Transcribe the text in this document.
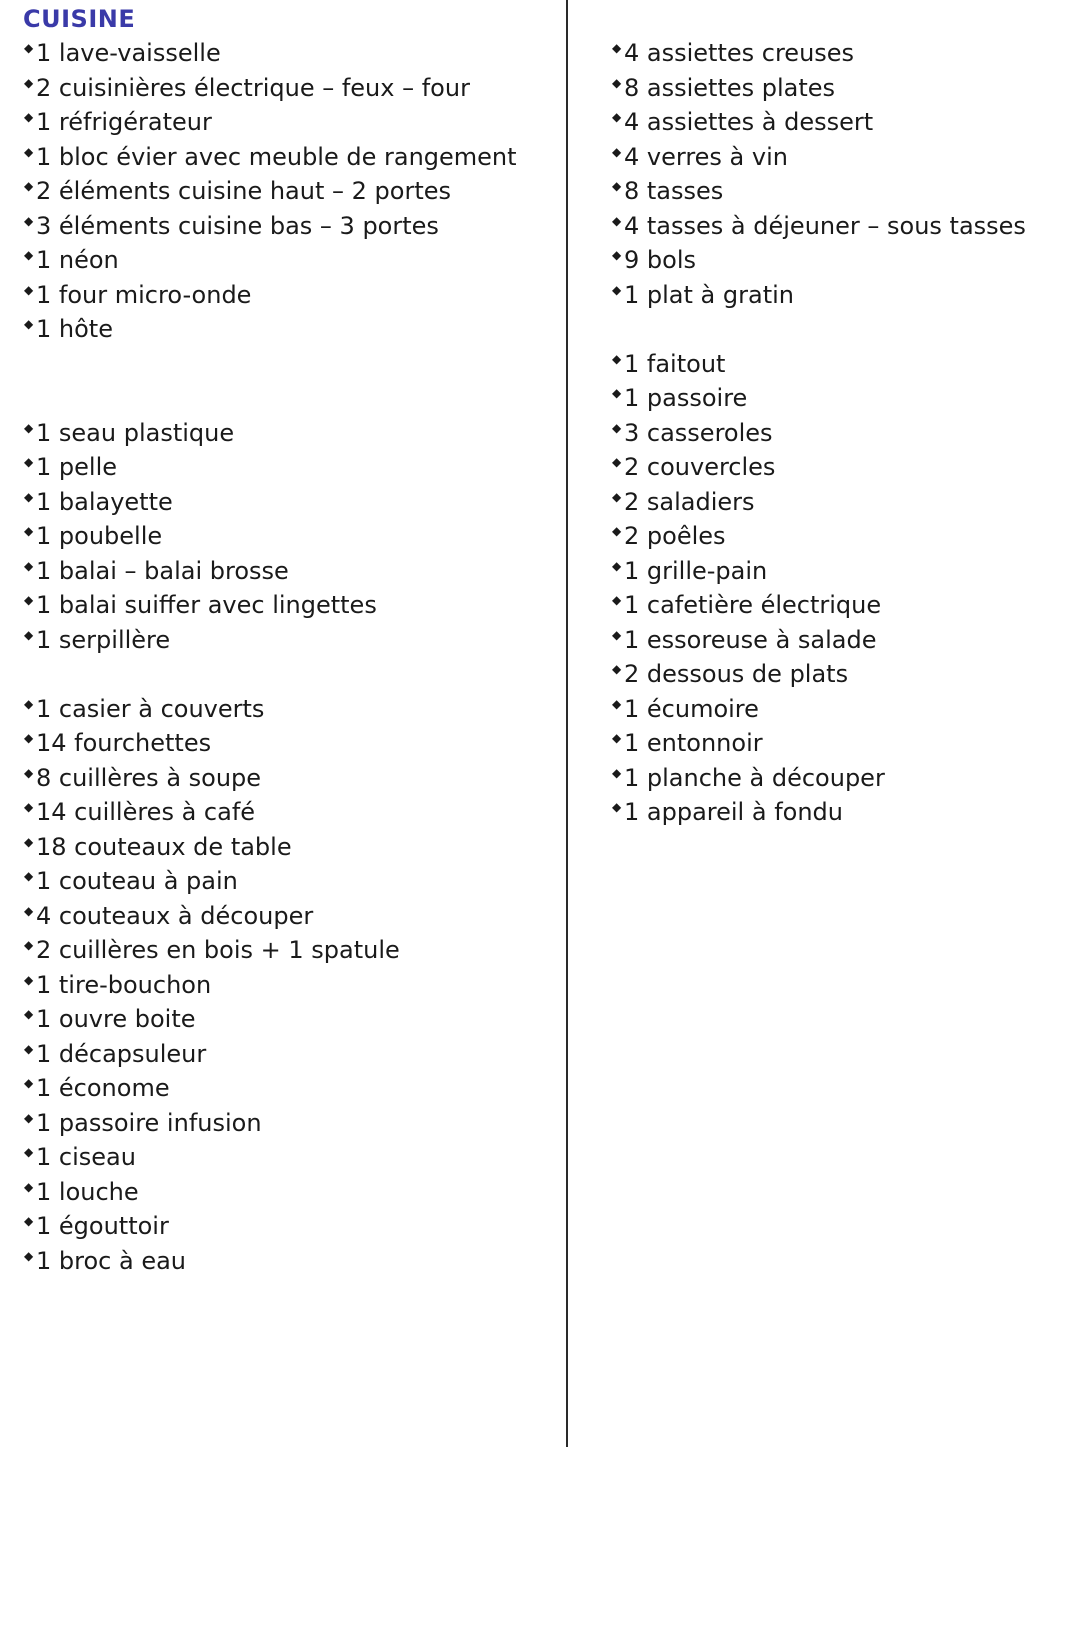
CUISINE
◆ 1 lave-vaisselle
◆ 2 cuisinières électrique – feux – four
◆ 1 réfrigérateur
◆ 1 bloc évier avec meuble de rangement
◆ 2 éléments cuisine haut – 2 portes
◆ 3 éléments cuisine bas – 3 portes
◆ 1 néon
◆ 1 four micro-onde
◆ 1 hôte
◆ 1 seau plastique
◆ 1 pelle
◆ 1 balayette
◆ 1 poubelle
◆ 1 balai – balai brosse
◆ 1 balai suiffer avec lingettes
◆ 1 serpillère
◆ 1 casier à couverts
◆ 14 fourchettes
◆ 8 cuillères à soupe
◆ 14 cuillères à café
◆ 18 couteaux de table
◆ 1 couteau à pain
◆ 4 couteaux à découper
◆ 2 cuillères en bois + 1 spatule
◆ 1 tire-bouchon
◆ 1 ouvre boite
◆ 1 décapsuleur
◆ 1 économe
◆ 1 passoire infusion
◆ 1 ciseau
◆ 1 louche
◆ 1 égouttoir
◆ 1 broc à eau
◆ 4 assiettes creuses
◆ 8 assiettes plates
◆ 4 assiettes à dessert
◆ 4 verres à vin
◆ 8 tasses
◆ 4 tasses à déjeuner – sous tasses
◆ 9 bols
◆ 1 plat à gratin
◆ 1 faitout
◆ 1 passoire
◆ 3 casseroles
◆ 2 couvercles
◆ 2 saladiers
◆ 2 poêles
◆ 1 grille-pain
◆ 1 cafetière électrique
◆ 1 essoreuse à salade
◆ 2 dessous de plats
◆ 1 écumoire
◆ 1 entonnoir
◆ 1 planche à découper
◆ 1 appareil à fondu
